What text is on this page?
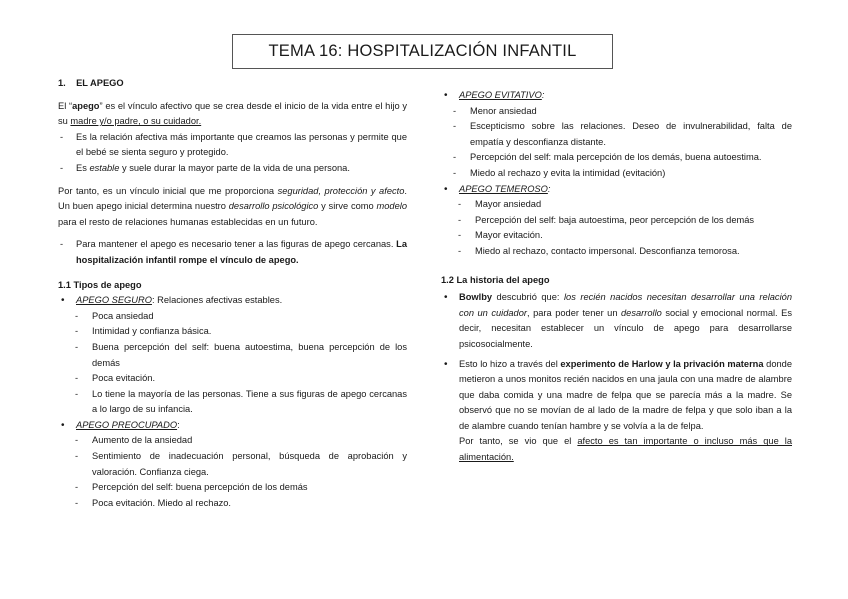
TEMA 16: HOSPITALIZACIÓN INFANTIL
1. EL APEGO

El “apego” es el vínculo afectivo que se crea desde el inicio de la vida entre el hijo y su madre y/o padre, o su cuidador.

- Es la relación afectiva más importante que creamos las personas y permite que el bebé se sienta seguro y protegido.
- Es estable y suele durar la mayor parte de la vida de una persona.

Por tanto, es un vínculo inicial que me proporciona seguridad, protección y afecto. Un buen apego inicial determina nuestro desarrollo psicológico y sirve como modelo para el resto de relaciones humanas establecidas en un futuro.

- Para mantener el apego es necesario tener a las figuras de apego cercanas. La hospitalización infantil rompe el vínculo de apego.
1.1 Tipos de apego
• APEGO SEGURO: Relaciones afectivas estables.
- Poca ansiedad
- Intimidad y confianza básica.
- Buena percepción del self: buena autoestima, buena percepción de los demás
- Poca evitación.
- Lo tiene la mayoría de las personas. Tiene a sus figuras de apego cercanas a lo largo de su infancia.
• APEGO PREOCUPADO:
- Aumento de la ansiedad
- Sentimiento de inadecuación personal, búsqueda de aprobación y valoración. Confianza ciega.
- Percepción del self: buena percepción de los demás
- Poca evitación. Miedo al rechazo.
• APEGO EVITATIVO:
- Menor ansiedad
- Escepticismo sobre las relaciones. Deseo de invulnerabilidad, falta de empatía y desconfianza distante.
- Percepción del self: mala percepción de los demás, buena autoestima.
- Miedo al rechazo y evita la intimidad (evitación)
• APEGO TEMEROSO:
- Mayor ansiedad
- Percepción del self: baja autoestima, peor percepción de los demás
- Mayor evitación.
- Miedo al rechazo, contacto impersonal. Desconfianza temorosa.
1.2 La historia del apego
• Bowlby descubrió que: los recién nacidos necesitan desarrollar una relación con un cuidador, para poder tener un desarrollo social y emocional normal. Es decir, necesitan establecer un vínculo de apego para desarrollarse psicosocialmente.
• Esto lo hizo a través del experimento de Harlow y la privación materna donde metieron a unos monitos recién nacidos en una jaula con una madre de alambre que daba comida y una madre de felpa que se parecía más a la madre. Se observó que no se movían de al lado de la madre de felpa y que solo iban a la de alambre cuando tenían hambre y se volvía a la de felpa.

Por tanto, se vio que el afecto es tan importante o incluso más que la alimentación.
